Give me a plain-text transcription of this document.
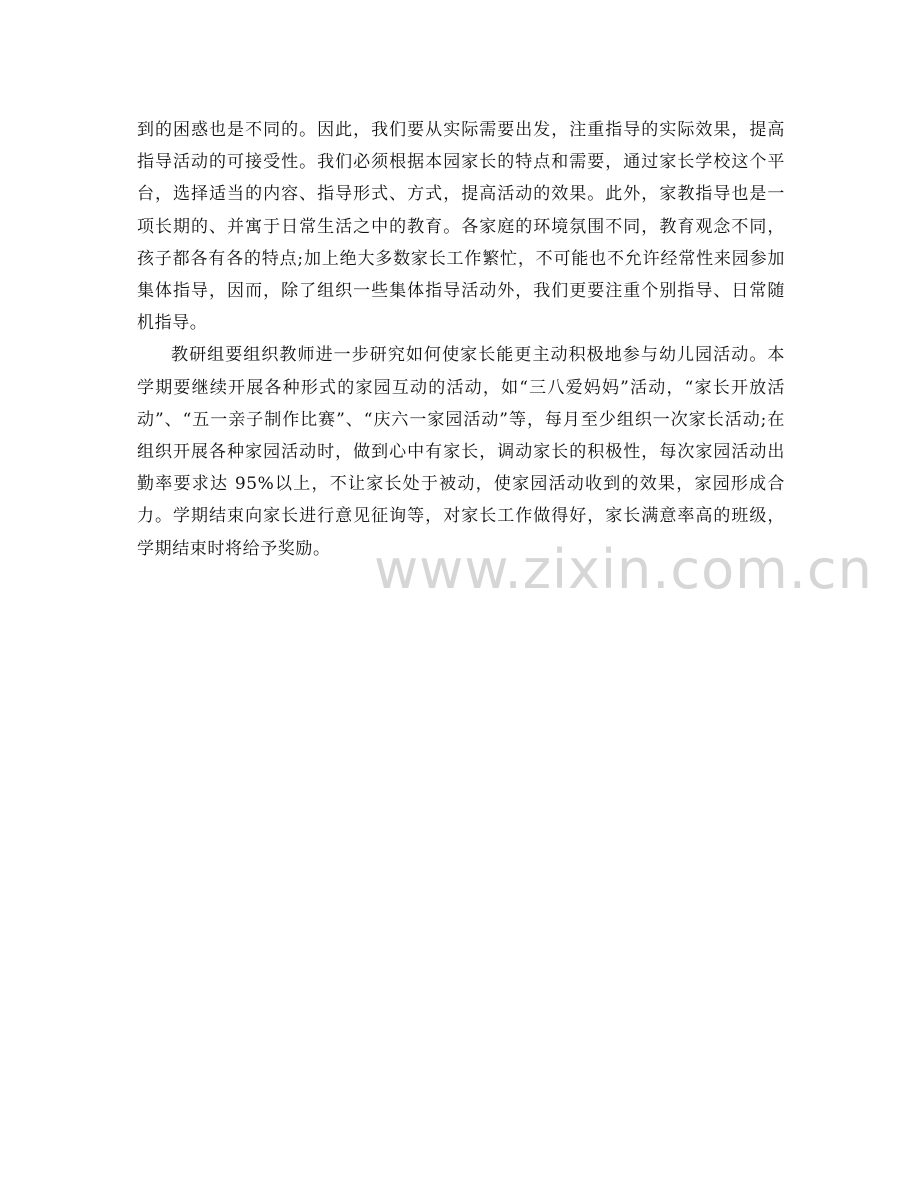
到的困惑也是不同的。因此，我们要从实际需要出发，注重指导的实际效果，提高指导活动的可接受性。我们必须根据本园家长的特点和需要，通过家长学校这个平台，选择适当的内容、指导形式、方式，提高活动的效果。此外，家教指导也是一项长期的、并寓于日常生活之中的教育。各家庭的环境氛围不同，教育观念不同，孩子都各有各的特点;加上绝大多数家长工作繁忙，不可能也不允许经常性来园参加集体指导，因而，除了组织一些集体指导活动外，我们更要注重个别指导、日常随机指导。

教研组要组织教师进一步研究如何使家长能更主动积极地参与幼儿园活动。本学期要继续开展各种形式的家园互动的活动，如“三八爱妈妈”活动，“家长开放活动”、“五一亲子制作比赛”、“庆六一家园活动”等，每月至少组织一次家长活动;在组织开展各种家园活动时，做到心中有家长，调动家长的积极性，每次家园活动出勤率要求达 95%以上，不让家长处于被动，使家园活动收到的效果，家园形成合力。学期结束向家长进行意见征询等，对家长工作做得好，家长满意率高的班级，学期结束时将给予奖励。 www.zixin.com.cn
